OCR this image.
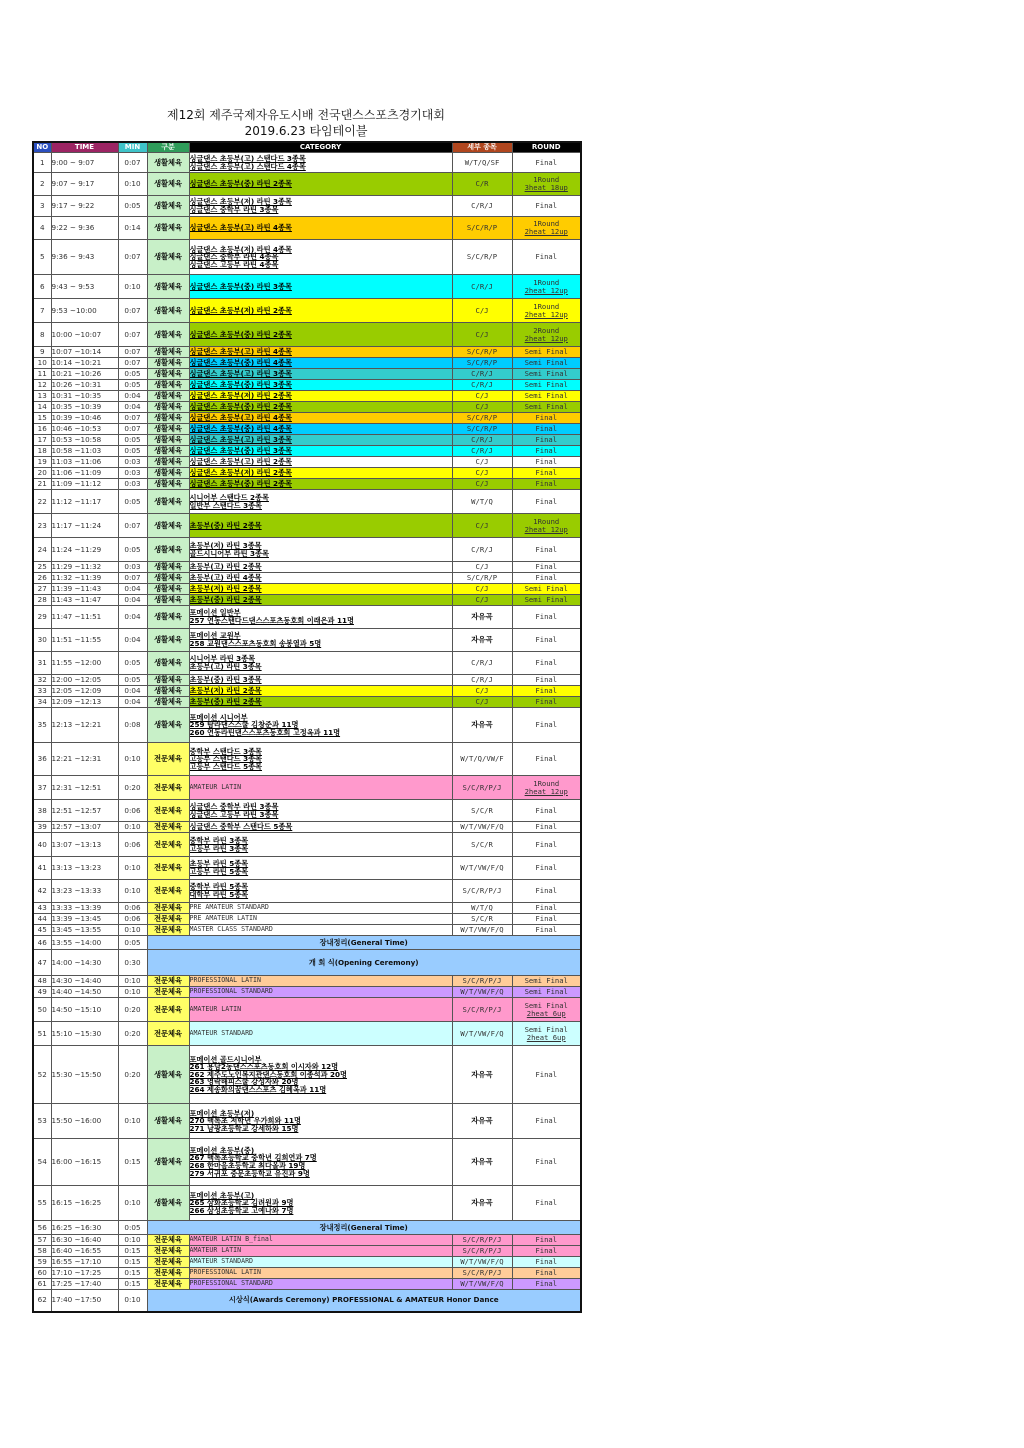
제12회 제주국제자유도시배 전국댄스스포츠경기대회
2019.6.23 타임테이블
NO	TIME	MIN	구분	CATEGORY	세부 종목	ROUND
1	9:00 ~ 9:07	0:07	생활체육	싱글댄스 초등부(고) 스탠다드 3종목
싱글댄스 초등부(고) 스탠다드 4종목	W/T/Q/SF	Final

2	9:07 ~ 9:17	0:10	생활체육	싱글댄스 초등부(중) 라틴 2종목	C/R	1Round
3heat 18up

3	9:17 ~ 9:22	0:05	생활체육	싱글댄스 초등부(저) 라틴 3종목
싱글댄스 중학부 라틴 3종목	C/R/J	Final

4	9:22 ~ 9:36	0:14	생활체육	싱글댄스 초등부(고) 라틴 4종목	S/C/R/P	1Round
2heat 12up

5	9:36 ~ 9:43	0:07	생활체육	싱글댄스 초등부(저) 라틴 4종목
싱글댄스 중학부 라틴 4종목
싱글댄스 고등부 라틴 4종목	S/C/R/P	Final

6	9:43 ~ 9:53	0:10	생활체육	싱글댄스 초등부(중) 라틴 3종목	C/R/J	1Round
2heat 12up

7	9:53 ~10:00	0:07	생활체육	싱글댄스 초등부(저) 라틴 2종목	C/J	1Round
2heat 12up

8	10:00 ~10:07	0:07	생활체육	싱글댄스 초등부(중) 라틴 2종목	C/J	2Round
2heat 12up

9	10:07 ~10:14	0:07	생활체육	싱글댄스 초등부(고) 라틴 4종목	S/C/R/P	Semi Final

10	10:14 ~10:21	0:07	생활체육	싱글댄스 초등부(중) 라틴 4종목	S/C/R/P	Semi Final

11	10:21 ~10:26	0:05	생활체육	싱글댄스 초등부(고) 라틴 3종목	C/R/J	Semi Final

12	10:26 ~10:31	0:05	생활체육	싱글댄스 초등부(중) 라틴 3종목	C/R/J	Semi Final

13	10:31 ~10:35	0:04	생활체육	싱글댄스 초등부(저) 라틴 2종목	C/J	Semi Final

14	10:35 ~10:39	0:04	생활체육	싱글댄스 초등부(중) 라틴 2종목	C/J	Semi Final

15	10:39 ~10:46	0:07	생활체육	싱글댄스 초등부(고) 라틴 4종목	S/C/R/P	Final

16	10:46 ~10:53	0:07	생활체육	싱글댄스 초등부(중) 라틴 4종목	S/C/R/P	Final

17	10:53 ~10:58	0:05	생활체육	싱글댄스 초등부(고) 라틴 3종목	C/R/J	Final

18	10:58 ~11:03	0:05	생활체육	싱글댄스 초등부(중) 라틴 3종목	C/R/J	Final

19	11:03 ~11:06	0:03	생활체육	싱글댄스 초등부(고) 라틴 2종목	C/J	Final

20	11:06 ~11:09	0:03	생활체육	싱글댄스 초등부(저) 라틴 2종목	C/J	Final

21	11:09 ~11:12	0:03	생활체육	싱글댄스 초등부(중) 라틴 2종목	C/J	Final

22	11:12 ~11:17	0:05	생활체육	시니어부 스탠다드 2종목
일반부 스탠다드 3종목	W/T/Q	Final

23	11:17 ~11:24	0:07	생활체육	초등부(중) 라틴 2종목	C/J	1Round
2heat 12up

24	11:24 ~11:29	0:05	생활체육	초등부(저) 라틴 3종목
골드시니어부 라틴 3종목	C/R/J	Final

25	11:29 ~11:32	0:03	생활체육	초등부(고) 라틴 2종목	C/J	Final

26	11:32 ~11:39	0:07	생활체육	초등부(고) 라틴 4종목	S/C/R/P	Final

27	11:39 ~11:43	0:04	생활체육	초등부(저) 라틴 2종목	C/J	Semi Final

28	11:43 ~11:47	0:04	생활체육	초등부(중) 라틴 2종목	C/J	Semi Final

29	11:47 ~11:51	0:04	생활체육	포메이션 일반부
257 연동스탠다드댄스스포츠동호회 이래은과 11명	자유곡	Final

30	11:51 ~11:55	0:04	생활체육	포메이션 교원부
258 교원댄스스포츠동호회 송봉열과 5명	자유곡	Final

31	11:55 ~12:00	0:05	생활체육	시니어부 라틴 3종목
초등부(고) 라틴 3종목	C/R/J	Final

32	12:00 ~12:05	0:05	생활체육	초등부(중) 라틴 3종목	C/R/J	Final

33	12:05 ~12:09	0:04	생활체육	초등부(저) 라틴 2종목	C/J	Final

34	12:09 ~12:13	0:04	생활체육	초등부(중) 라틴 2종목	C/J	Final

35	12:13 ~12:21	0:08	생활체육	포메이션 시니어부
259 탐라댄스스쿨 김창준과 11명
260 연동라틴댄스스포츠동호회 고정옥과 11명	자유곡	Final

36	12:21 ~12:31	0:10	전문체육	중학부 스탠다드 3종목
고등부 스탠다드 3종목
고등부 스탠다드 5종목	W/T/Q/VW/F	Final

37	12:31 ~12:51	0:20	전문체육	AMATEUR LATIN	S/C/R/P/J	1Round
2heat 12up

38	12:51 ~12:57	0:06	전문체육	싱글댄스 중학부 라틴 3종목
싱글댄스 고등부 라틴 3종목	S/C/R	Final

39	12:57 ~13:07	0:10	전문체육	싱글댄스 중학부 스탠다드 5종목	W/T/VW/F/Q	Final

40	13:07 ~13:13	0:06	전문체육	중학부 라틴 3종목
고등부 라틴 3종목	S/C/R	Final

41	13:13 ~13:23	0:10	전문체육	초등부 라틴 5종목
고등부 라틴 5종목	W/T/VW/F/Q	Final

42	13:23 ~13:33	0:10	전문체육	중학부 라틴 5종목
대학부 라틴 5종목	S/C/R/P/J	Final

43	13:33 ~13:39	0:06	전문체육	PRE AMATEUR STANDARD	W/T/Q	Final

44	13:39 ~13:45	0:06	전문체육	PRE AMATEUR LATIN	S/C/R	Final

45	13:45 ~13:55	0:10	전문체육	MASTER CLASS STANDARD	W/T/VW/F/Q	Final

46	13:55 ~14:00	0:05	장내정리(General Time)			
47	14:00 ~14:30	0:30	개 회 식(Opening Ceremony)			
48	14:30 ~14:40	0:10	전문체육	PROFESSIONAL LATIN	S/C/R/P/J	Semi Final

49	14:40 ~14:50	0:10	전문체육	PROFESSIONAL STANDARD	W/T/VW/F/Q	Semi Final

50	14:50 ~15:10	0:20	전문체육	AMATEUR LATIN	S/C/R/P/J	Semi Final
2heat 6up

51	15:10 ~15:30	0:20	전문체육	AMATEUR STANDARD	W/T/VW/F/Q	Semi Final
2heat 6up

52	15:30 ~15:50	0:20	생활체육	포메이션 골드시니어부
261 용담2동댄스스포츠동호회 이시자와 12명
262 제주도노인복지관댄스동호회 이종석과 20명
263 영락해피스쿨 강성자와 20명
264 제송화의꿈댄스스포츠 김혜옥과 11명	자유곡	Final

53	15:50 ~16:00	0:10	생활체육	포메이션 초등부(저)
270 백록초 저학년 우가희와 11명
271 남광초등학교 강세하와 15명	자유곡	Final

54	16:00 ~16:15	0:15	생활체육	포메이션 초등부(중)
267 백록초등학교 중학년 김희연과 7명
268 한마음초등학교 최다올과 19명
279 서귀포 중문초등학교 유진과 9명	자유곡	Final

55	16:15 ~16:25	0:10	생활체육	포메이션 초등부(고)
265 삼화초등학교 김려원과 9명
266 삼성초등학교 고예나와 7명	자유곡	Final

56	16:25 ~16:30	0:05	장내정리(General Time)			
57	16:30 ~16:40	0:10	전문체육	AMATEUR LATIN B_final	S/C/R/P/J	Final

58	16:40 ~16:55	0:15	전문체육	AMATEUR LATIN	S/C/R/P/J	Final

59	16:55 ~17:10	0:15	전문체육	AMATEUR STANDARD	W/T/VW/F/Q	Final

60	17:10 ~17:25	0:15	전문체육	PROFESSIONAL LATIN	S/C/R/P/J	Final

61	17:25 ~17:40	0:15	전문체육	PROFESSIONAL STANDARD	W/T/VW/F/Q	Final

62	17:40 ~17:50	0:10	시상식(Awards Ceremony) PROFESSIONAL & AMATEUR Honor Dance			
